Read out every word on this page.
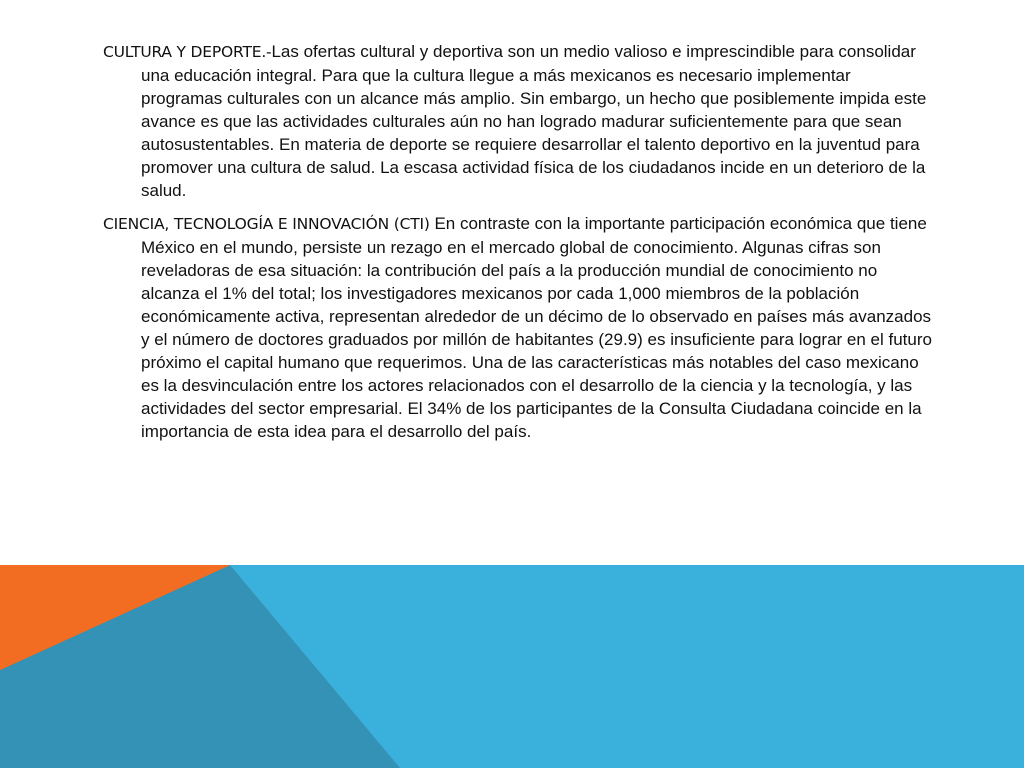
CULTURA Y DEPORTE.-Las ofertas cultural y deportiva son un medio valioso e imprescindible para consolidar una educación integral. Para que la cultura llegue a más mexicanos es necesario implementar programas culturales con un alcance más amplio. Sin embargo, un hecho que posiblemente impida este avance es que las actividades culturales aún no han logrado madurar suficientemente para que sean autosustentables. En materia de deporte se requiere desarrollar el talento deportivo en la juventud para promover una cultura de salud. La escasa actividad física de los ciudadanos incide en un deterioro de la salud.

CIENCIA, TECNOLOGÍA E INNOVACIÓN (CTI) En contraste con la importante participación económica que tiene México en el mundo, persiste un rezago en el mercado global de conocimiento. Algunas cifras son reveladoras de esa situación: la contribución del país a la producción mundial de conocimiento no alcanza el 1% del total; los investigadores mexicanos por cada 1,000 miembros de la población económicamente activa, representan alrededor de un décimo de lo observado en países más avanzados y el número de doctores graduados por millón de habitantes (29.9) es insuficiente para lograr en el futuro próximo el capital humano que requerimos. Una de las características más notables del caso mexicano es la desvinculación entre los actores relacionados con el desarrollo de la ciencia y la tecnología, y las actividades del sector empresarial. El 34% de los participantes de la Consulta Ciudadana coincide en la importancia de esta idea para el desarrollo del país.
